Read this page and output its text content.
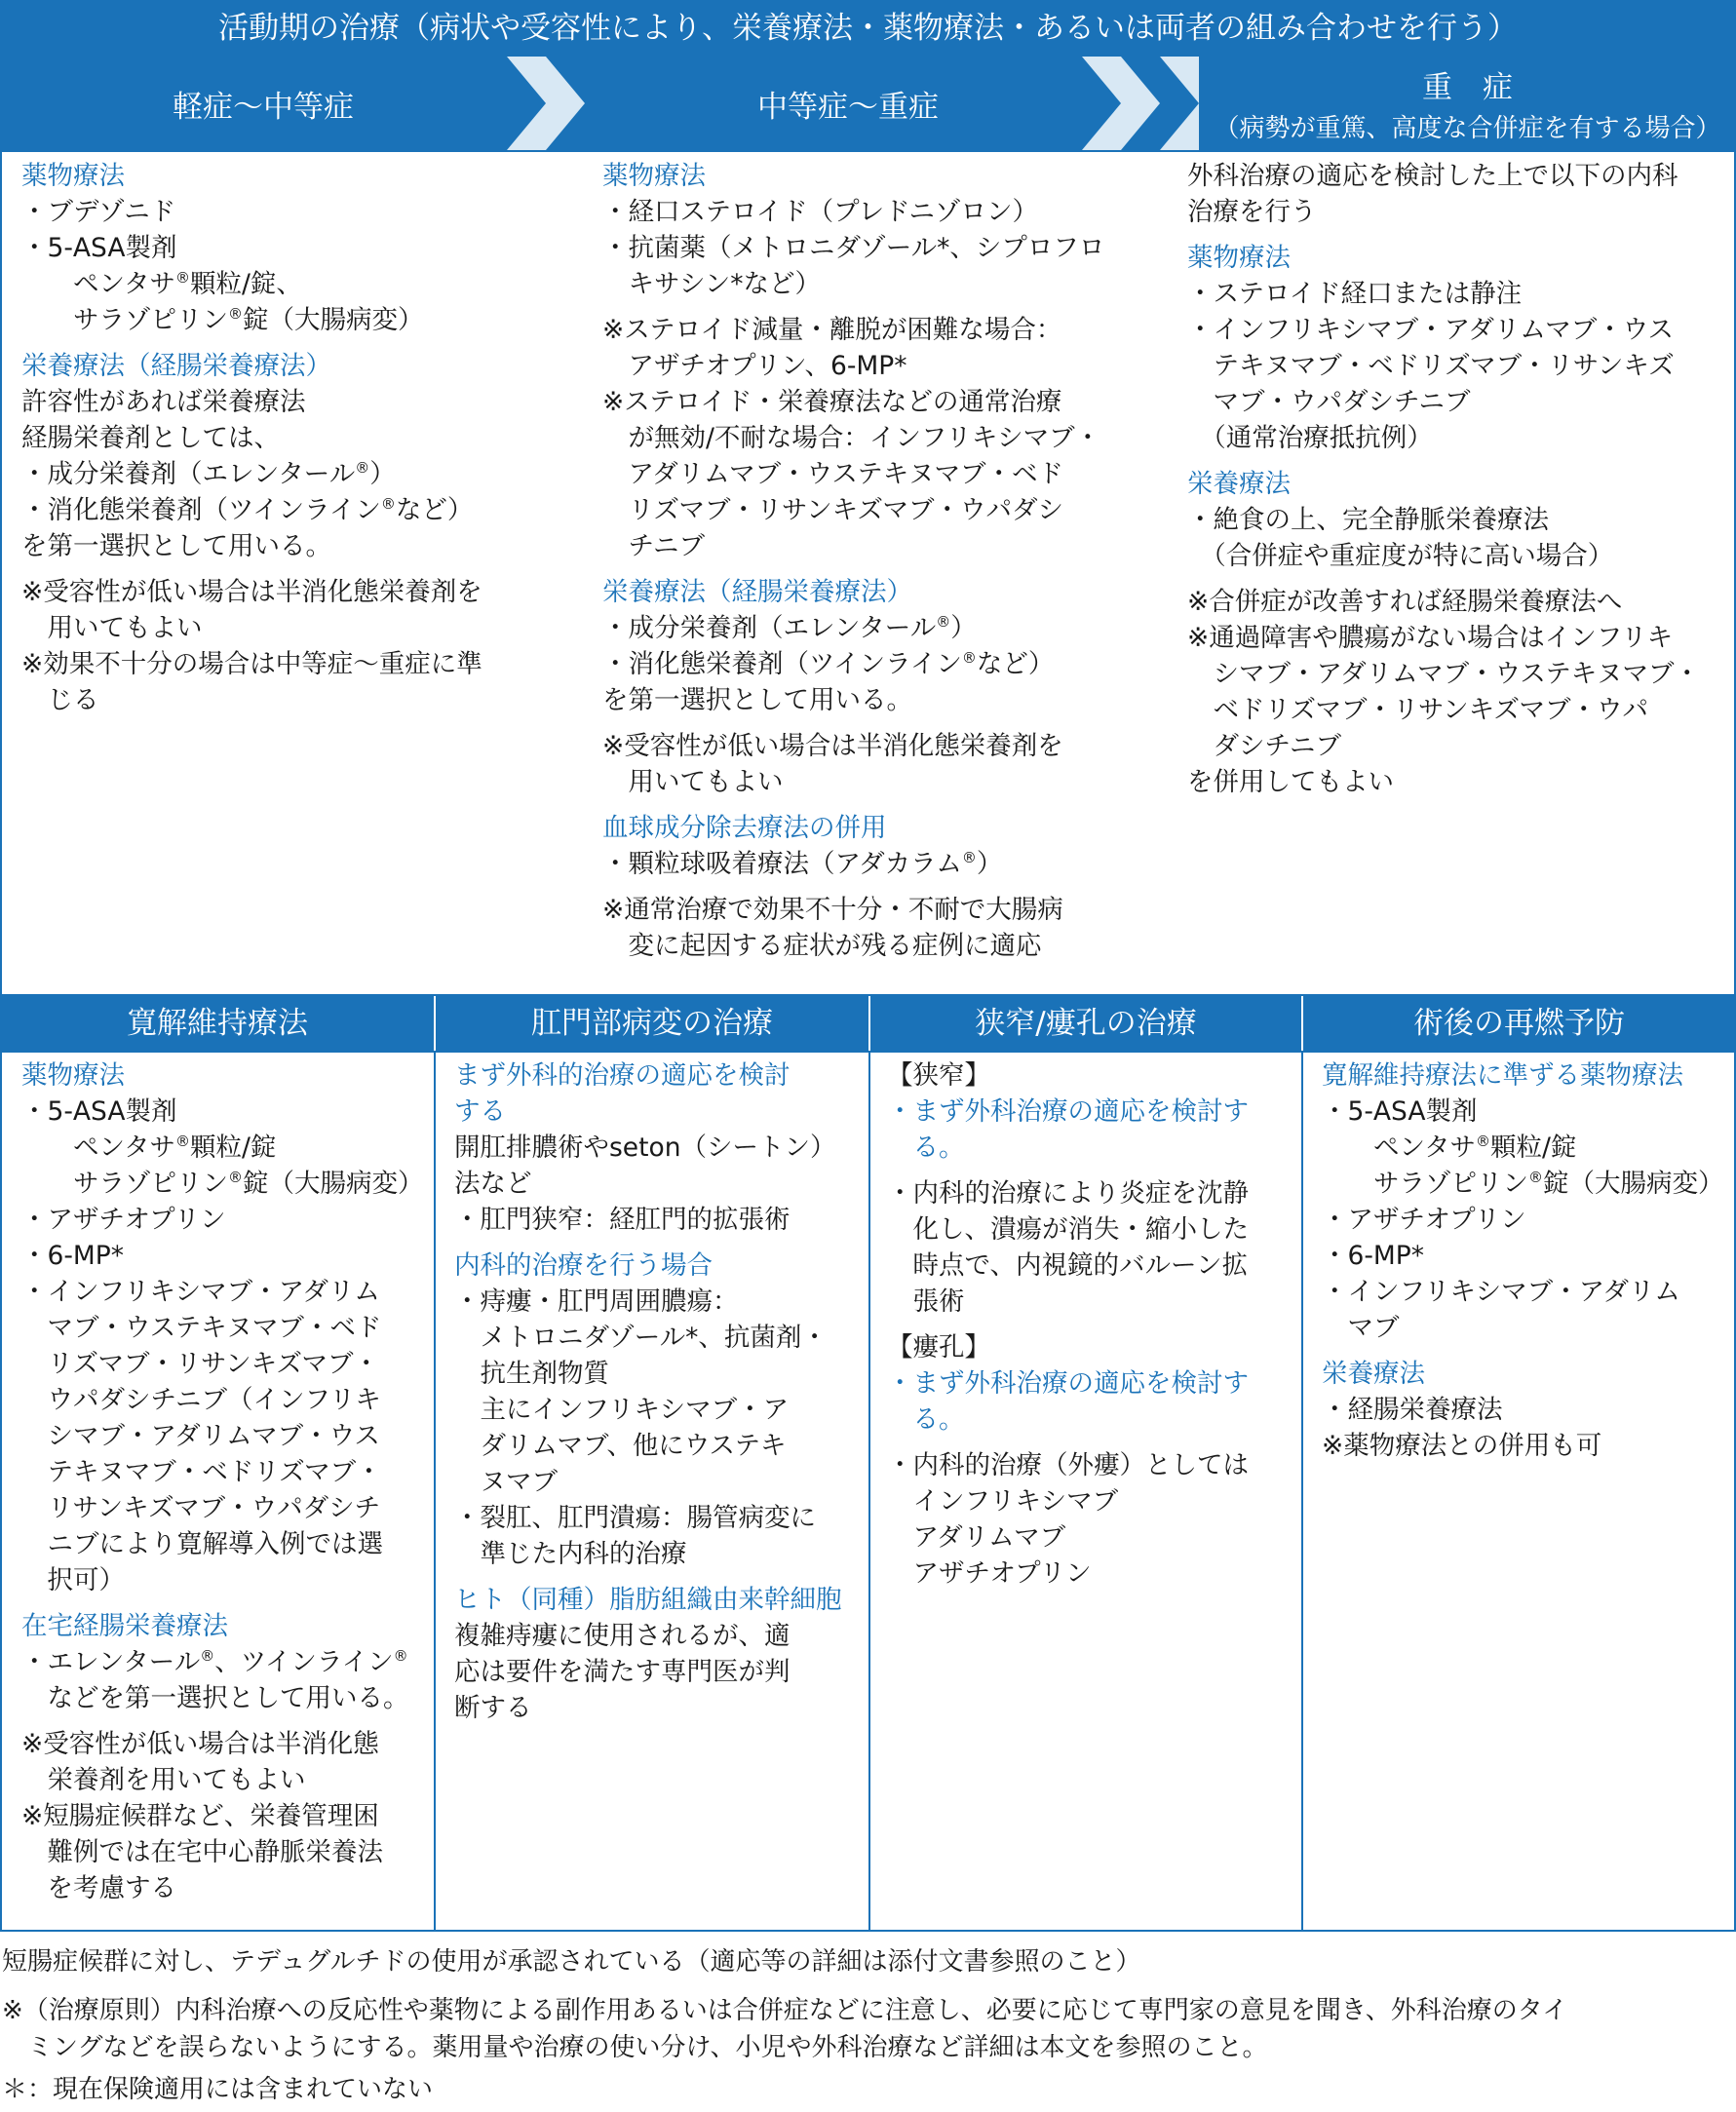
活動期の治療（病状や受容性により、栄養療法・薬物療法・あるいは両者の組み合わせを行う）
軽症〜中等症	中等症〜重症
重　症
（病勢が重篤、高度な合併症を有する場合）
薬物療法
・ブデゾニド
・5-ASA製剤
　　ペンタサ®顆粒/錠、
　　サラゾピリン®錠（大腸病変）
栄養療法（経腸栄養療法）
許容性があれば栄養療法
経腸栄養剤としては、
・成分栄養剤（エレンタール®）
・消化態栄養剤（ツインライン®など）
を第一選択として用いる。
※受容性が低い場合は半消化態栄養剤を
　用いてもよい
※効果不十分の場合は中等症〜重症に準
　じる
薬物療法
・経口ステロイド（プレドニゾロン）
・抗菌薬（メトロニダゾール*、シプロフロ
　キサシン*など）
※ステロイド減量・離脱が困難な場合：
　アザチオプリン、6-MP*
※ステロイド・栄養療法などの通常治療
　が無効/不耐な場合：インフリキシマブ・
　アダリムマブ・ウステキヌマブ・ベド
　リズマブ・リサンキズマブ・ウパダシ
　チニブ
栄養療法（経腸栄養療法）
・成分栄養剤（エレンタール®）
・消化態栄養剤（ツインライン®など）
を第一選択として用いる。
※受容性が低い場合は半消化態栄養剤を
　用いてもよい
血球成分除去療法の併用
・顆粒球吸着療法（アダカラム®）
※通常治療で効果不十分・不耐で大腸病
　変に起因する症状が残る症例に適応
外科治療の適応を検討した上で以下の内科
治療を行う
薬物療法
・ステロイド経口または静注
・インフリキシマブ・アダリムマブ・ウス
　テキヌマブ・ベドリズマブ・リサンキズ
　マブ・ウパダシチニブ
　（通常治療抵抗例）
栄養療法
・絶食の上、完全静脈栄養療法
　（合併症や重症度が特に高い場合）
※合併症が改善すれば経腸栄養療法へ
※通過障害や膿瘍がない場合はインフリキ
　シマブ・アダリムマブ・ウステキヌマブ・
　ベドリズマブ・リサンキズマブ・ウパ
　ダシチニブ
を併用してもよい
寛解維持療法	肛門部病変の治療	狭窄/瘻孔の治療	術後の再燃予防
薬物療法
・5-ASA製剤
　　ペンタサ®顆粒/錠
　　サラゾピリン®錠（大腸病変）
・アザチオプリン
・6-MP*
・インフリキシマブ・アダリム
　マブ・ウステキヌマブ・ベド
　リズマブ・リサンキズマブ・
　ウパダシチニブ（インフリキ
　シマブ・アダリムマブ・ウス
　テキヌマブ・ベドリズマブ・
　リサンキズマブ・ウパダシチ
　ニブにより寛解導入例では選
　択可）
在宅経腸栄養療法
・エレンタール®、ツインライン®
　などを第一選択として用いる。
※受容性が低い場合は半消化態
　栄養剤を用いてもよい
※短腸症候群など、栄養管理困
　難例では在宅中心静脈栄養法
　を考慮する
まず外科的治療の適応を検討
する
開肛排膿術やseton（シートン）
法など
・肛門狭窄：経肛門的拡張術
内科的治療を行う場合
・痔瘻・肛門周囲膿瘍：
　メトロニダゾール*、抗菌剤・
　抗生剤物質
　主にインフリキシマブ・ア
　ダリムマブ、他にウステキ
　ヌマブ
・裂肛、肛門潰瘍：腸管病変に
　準じた内科的治療
ヒト（同種）脂肪組織由来幹細胞
複雑痔瘻に使用されるが、適
応は要件を満たす専門医が判
断する
【狭窄】
・まず外科治療の適応を検討す
　る。
・内科的治療により炎症を沈静
　化し、潰瘍が消失・縮小した
　時点で、内視鏡的バルーン拡
　張術
【瘻孔】
・まず外科治療の適応を検討す
　る。
・内科的治療（外瘻）としては
　インフリキシマブ
　アダリムマブ
　アザチオプリン
寛解維持療法に準ずる薬物療法
・5-ASA製剤
　　ペンタサ®顆粒/錠
　　サラゾピリン®錠（大腸病変）
・アザチオプリン
・6-MP*
・インフリキシマブ・アダリム
　マブ
栄養療法
・経腸栄養療法
※薬物療法との併用も可
短腸症候群に対し、テデュグルチドの使用が承認されている（適応等の詳細は添付文書参照のこと）
※（治療原則）内科治療への反応性や薬物による副作用あるいは合併症などに注意し、必要に応じて専門家の意見を聞き、外科治療のタイ
　ミングなどを誤らないようにする。薬用量や治療の使い分け、小児や外科治療など詳細は本文を参照のこと。
＊：現在保険適用には含まれていない
